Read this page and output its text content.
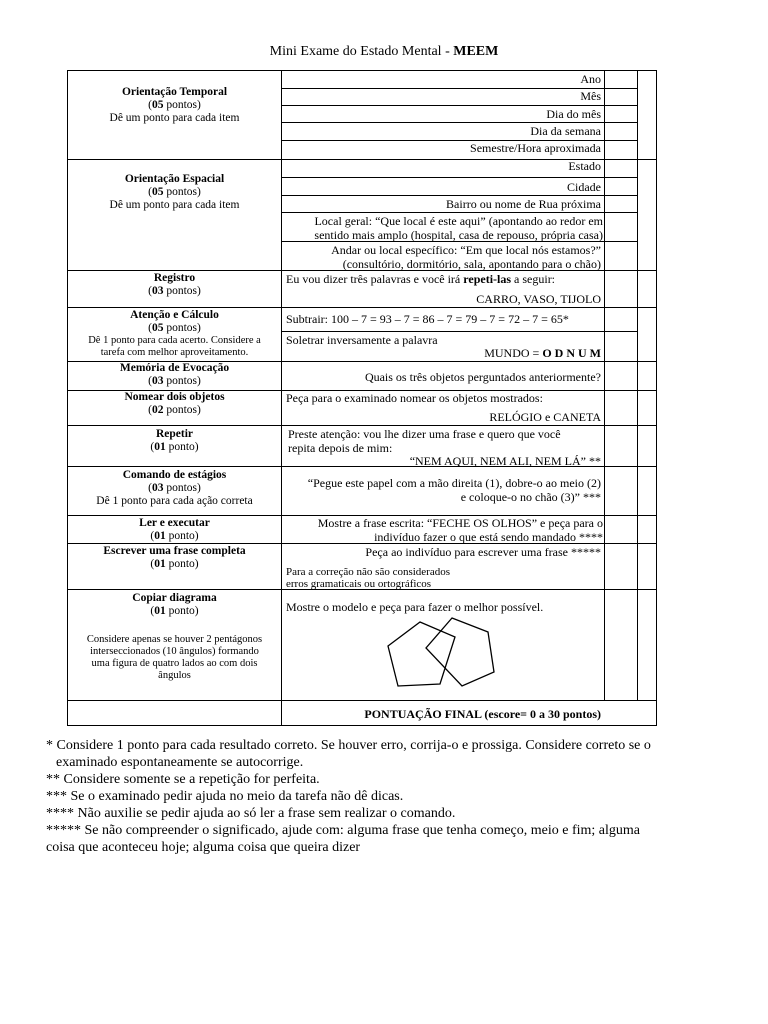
Mini Exame do Estado Mental - MEEM
Orientação Temporal
(05 pontos)
Dê um ponto para cada item
Ano
Mês
Dia do mês
Dia da semana
Semestre/Hora aproximada
Orientação Espacial
(05 pontos)
Dê um ponto para cada item
Estado
Cidade
Bairro ou nome de Rua próxima
Local geral: “Que local é este aqui” (apontando ao redor em
sentido mais amplo (hospital, casa de repouso, própria casa)
Andar ou local específico: “Em que local nós estamos?”
(consultório, dormitório, sala, apontando para o chão)
Registro
(03 pontos)
Eu vou dizer três palavras e você irá repeti-las a seguir:
CARRO, VASO, TIJOLO
Atenção e Cálculo
(05 pontos)
Dê 1 ponto para cada acerto. Considere a
tarefa com melhor aproveitamento.
Subtrair: 100 – 7 = 93 – 7 = 86 – 7 = 79 – 7 = 72 – 7 = 65*
Soletrar inversamente a palavra
MUNDO = O D N U M
Memória de Evocação
(03 pontos)	Quais os três objetos perguntados anteriormente?
Nomear dois objetos
(02 pontos)
Peça para o examinado nomear os objetos mostrados:
RELÓGIO e CANETA
Repetir
(01 ponto)
Preste atenção: vou lhe dizer uma frase e quero que você
repita depois de mim:
“NEM AQUI, NEM ALI, NEM LÁ” **
Comando de estágios
(03 pontos)
Dê 1 ponto para cada ação correta
“Pegue este papel com a mão direita (1), dobre-o ao meio (2)
e coloque-o no chão (3)” ***
Ler e executar
(01 ponto)
Mostre a frase escrita: “FECHE OS OLHOS” e peça para o
indivíduo fazer o que está sendo mandado ****
Escrever uma frase completa
(01 ponto)
Peça ao indivíduo para escrever uma frase *****
Para a correção não são considerados
erros gramaticais ou ortográficos
Copiar diagrama
(01 ponto)
Considere apenas se houver 2 pentágonos
interseccionados (10 ângulos) formando
uma figura de quatro lados ao com dois
ângulos
Mostre o modelo e peça para fazer o melhor possível.
PONTUAÇÃO FINAL (escore= 0 a 30 pontos)
* Considere 1 ponto para cada resultado correto. Se houver erro, corrija-o e prossiga. Considere correto se o
examinado espontaneamente se autocorrige.
** Considere somente se a repetição for perfeita.
*** Se o examinado pedir ajuda no meio da tarefa não dê dicas.
**** Não auxilie se pedir ajuda ao só ler a frase sem realizar o comando.
***** Se não compreender o significado, ajude com: alguma frase que tenha começo, meio e fim; alguma
coisa que aconteceu hoje; alguma coisa que queira dizer
